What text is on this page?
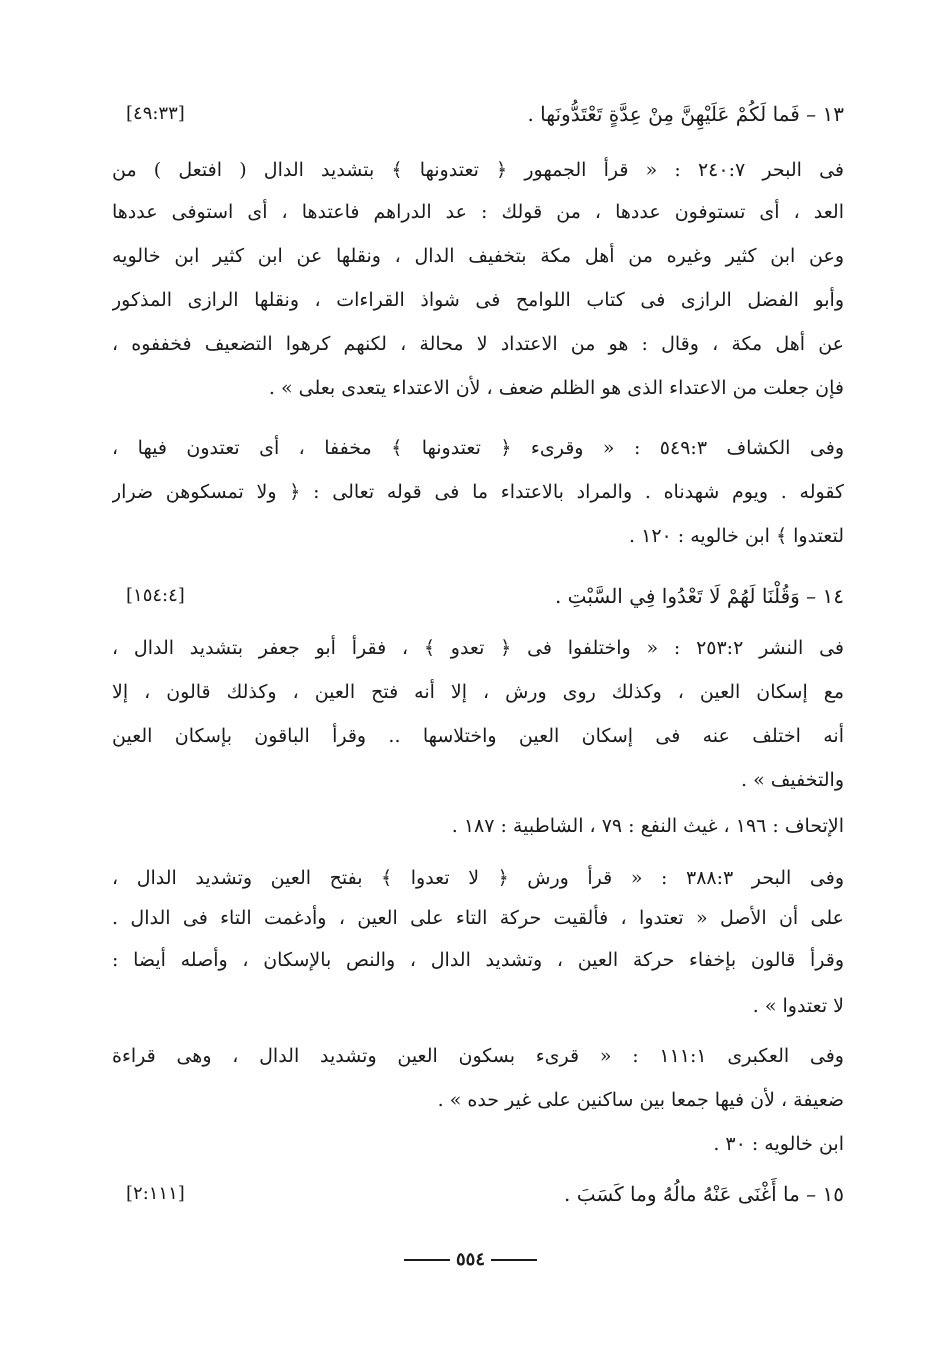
١٣ – فَما لَكُمْ عَلَيْهِنَّ مِنْ عِدَّةٍ تَعْتَدُّونَها .
[٤٩:٣٣]
فى البحر ٢٤٠:٧ : « قرأ الجمهور ﴿ تعتدونها ﴾ بتشديد الدال ( افتعل ) من
العد ، أى تستوفون عددها ، من قولك : عد الدراهم فاعتدها ، أى استوفى عددها
وعن ابن كثير وغيره من أهل مكة بتخفيف الدال ، ونقلها عن ابن كثير ابن خالويه
وأبو الفضل الرازى فى كتاب اللوامح فى شواذ القراءات ، ونقلها الرازى المذكور
عن أهل مكة ، وقال : هو من الاعتداد لا محالة ، لكنهم كرهوا التضعيف فخففوه ،
فإن جعلت من الاعتداء الذى هو الظلم ضعف ، لأن الاعتداء يتعدى بعلى » .
وفى الكشاف ٥٤٩:٣ : « وقرىء ﴿ تعتدونها ﴾ مخففا ، أى تعتدون فيها ،
كقوله . ويوم شهدناه . والمراد بالاعتداء ما فى قوله تعالى : ﴿ ولا تمسكوهن ضرار
لتعتدوا ﴾ ابن خالويه : ١٢٠ .
١٤ – وَقُلْنَا لَهُمْ لَا تَعْدُوا فِي السَّبْتِ .
[١٥٤:٤]
فى النشر ٢٥٣:٢ : « واختلفوا فى ﴿ تعدو ﴾ ، فقرأ أبو جعفر بتشديد الدال ،
مع إسكان العين ، وكذلك روى ورش ، إلا أنه فتح العين ، وكذلك قالون ، إلا
أنه اختلف عنه فى إسكان العين واختلاسها .. وقرأ الباقون بإسكان العين
والتخفيف » .
الإتحاف : ١٩٦ ، غيث النفع : ٧٩ ، الشاطبية : ١٨٧ .
وفى البحر ٣٨٨:٣ : « قرأ ورش ﴿ لا تعدوا ﴾ بفتح العين وتشديد الدال ،
على أن الأصل « تعتدوا ، فألقيت حركة التاء على العين ، وأدغمت التاء فى الدال .
وقرأ قالون بإخفاء حركة العين ، وتشديد الدال ، والنص بالإسكان ، وأصله أيضا :
لا تعتدوا » .
وفى العكبرى ١١١:١ : « قرىء بسكون العين وتشديد الدال ، وهى قراءة
ضعيفة ، لأن فيها جمعا بين ساكنين على غير حده » .
ابن خالويه : ٣٠ .
١٥ – ما أَغْنَى عَنْهُ مالُهُ وما كَسَبَ .
[٢:١١١]
٥٥٤
